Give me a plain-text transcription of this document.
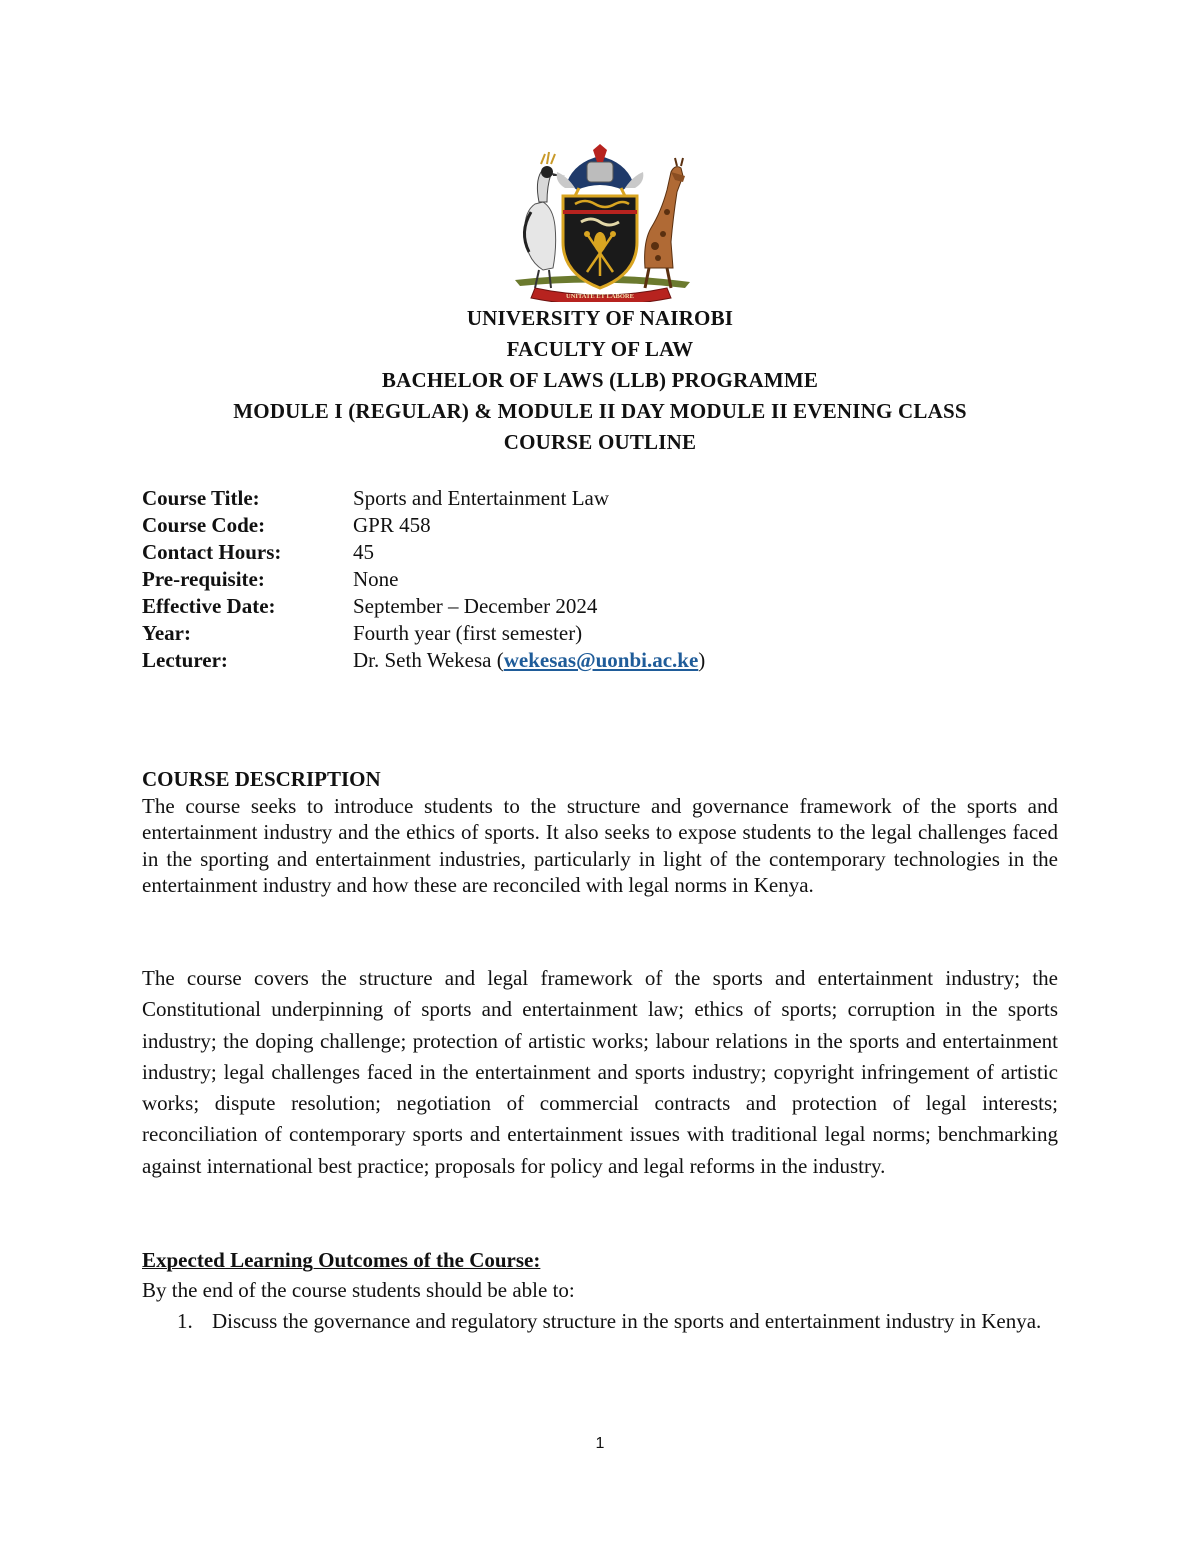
UNITATE ET LABORE
UNIVERSITY OF NAIROBI
FACULTY OF LAW
BACHELOR OF LAWS (LLB) PROGRAMME
MODULE I (REGULAR) & MODULE II DAY MODULE II EVENING CLASS
COURSE OUTLINE
Course Title:	Sports and Entertainment Law
Course Code:	GPR 458
Contact Hours:	45
Pre-requisite:	None
Effective Date:	September – December 2024
Year:	Fourth year (first semester)
Lecturer:	Dr. Seth Wekesa (wekesas@uonbi.ac.ke)
COURSE DESCRIPTION

The course seeks to introduce students to the structure and governance framework of the sports and entertainment industry and the ethics of sports. It also seeks to expose students to the legal challenges faced in the sporting and entertainment industries, particularly in light of the contemporary technologies in the entertainment industry and how these are reconciled with legal norms in Kenya.

The course covers the structure and legal framework of the sports and entertainment industry; the Constitutional underpinning of sports and entertainment law; ethics of sports; corruption in the sports industry; the doping challenge; protection of artistic works; labour relations in the sports and entertainment industry; legal challenges faced in the entertainment and sports industry; copyright infringement of artistic works; dispute resolution; negotiation of commercial contracts and protection of legal interests; reconciliation of contemporary sports and entertainment issues with traditional legal norms; benchmarking against international best practice; proposals for policy and legal reforms in the industry.

Expected Learning Outcomes of the Course:
By the end of the course students should be able to:
1. Discuss the governance and regulatory structure in the sports and entertainment industry in Kenya.
1
